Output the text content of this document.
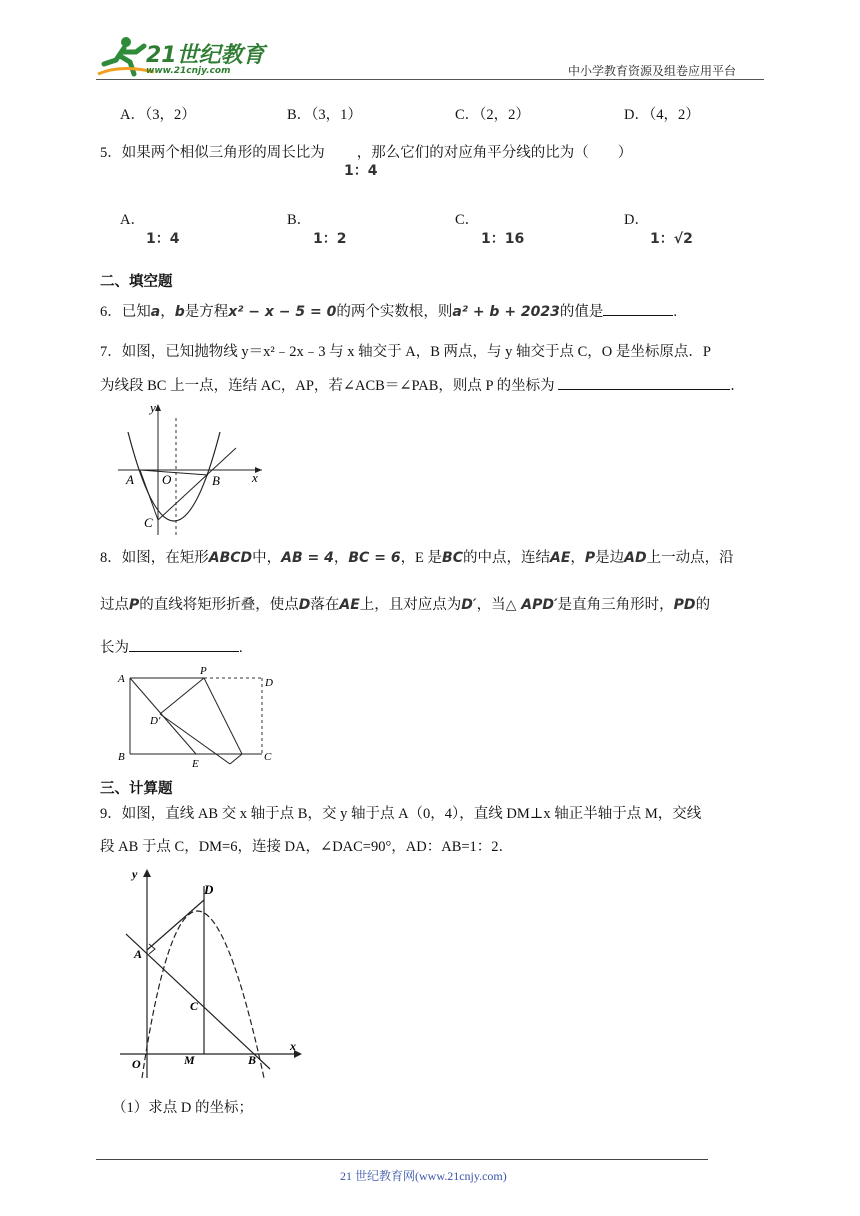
21世纪教育
www.21cnjy.com	中小学教育资源及组卷应用平台
A．（3，2）	B．（3，1）	C．（2，2）	D．（4，2）
5．如果两个相似三角形的周长比为 ，那么它们的对应角平分线的比为（　　）
1：4
A．
1：4
B．
1：2
C．
1：16
D．
1：√2
二、填空题
6．已知a，b是方程x² − x − 5 = 0的两个实数根，则a² + b + 2023的值是	.
7．如图，已知抛物线 y＝x²﹣2x﹣3 与 x 轴交于 A，B 两点，与 y 轴交于点 C，O 是坐标原点．P
为线段 BC 上一点，连结 AC，AP，若∠ACB＝∠PAB，则点 P 的坐标为	．
y
x
A O	B
C
8．如图，在矩形ABCD中，AB = 4，BC = 6，E 是BC的中点，连结AE，P是边AD上一动点，沿
过点P的直线将矩形折叠，使点D落在AE上，且对应点为D′，当△ APD′是直角三角形时，PD的
长为	.
A
P
D
D′
B
E
C
三、计算题
9．如图，直线 AB 交 x 轴于点 B，交 y 轴于点 A（0，4），直线 DM⊥x 轴正半轴于点 M，交线
段 AB 于点 C，DM=6，连接 DA，∠DAC=90°，AD：AB=1：2．
y
x
D
A
C
O	M	B
（1）求点 D 的坐标；
21 世纪教育网(www.21cnjy.com)
